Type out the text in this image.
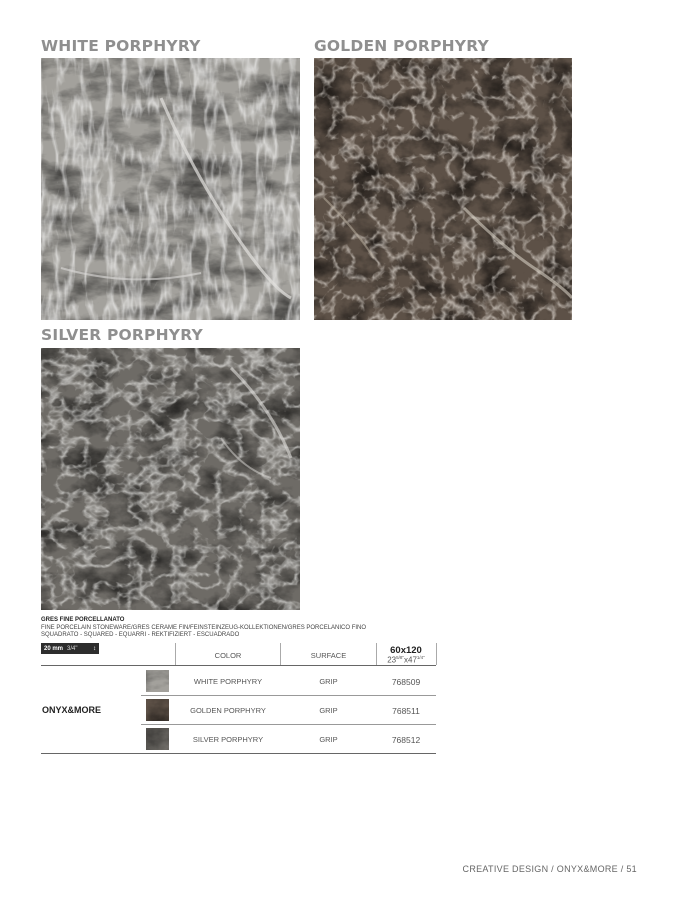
WHITE PORPHYRY	GOLDEN PORPHYRY
SILVER PORPHYRY
GRES FINE PORCELLANATO
FINE PORCELAIN STONEWARE/GRES CERAME FIN/FEINSTEINZEUG-KOLLEKTIONEN/GRES PORCELANICO FINO
SQUADRATO - SQUARED - EQUARRI - REKTIFIZIERT - ESCUADRADO
20 mm 3/4"	↕
COLOR	SURFACE	60x120
$23^{5/8"}x47^{1/4"}$
ONYX&MORE
WHITE PORPHYRY	GRIP	768509
GOLDEN PORPHYRY	GRIP	768511
SILVER PORPHYRY	GRIP	768512
CREATIVE DESIGN / ONYX&MORE / 51
